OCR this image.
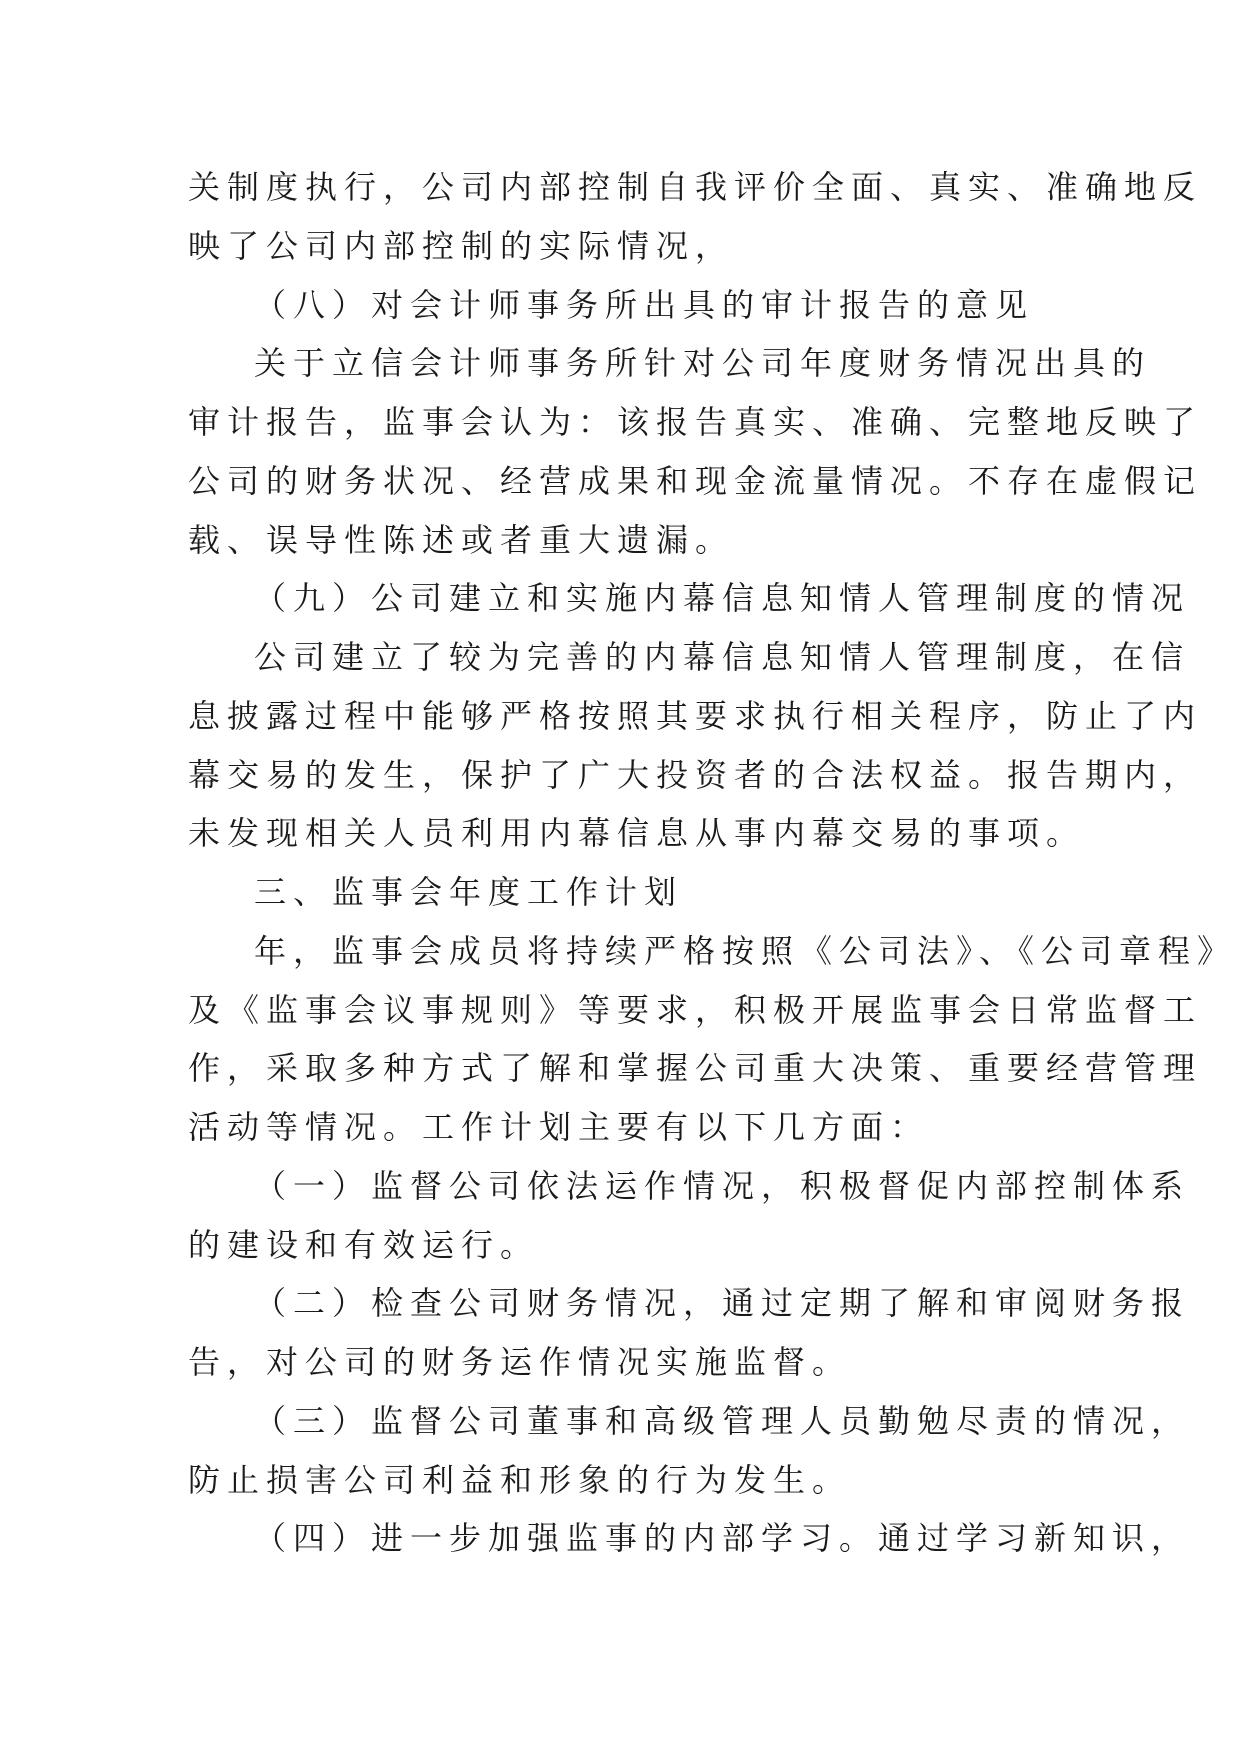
关制度执行，公司内部控制自我评价全面、真实、准确地反
映了公司内部控制的实际情况，
（八）对会计师事务所出具的审计报告的意见
关于立信会计师事务所针对公司年度财务情况出具的
审计报告，监事会认为：该报告真实、准确、完整地反映了
公司的财务状况、经营成果和现金流量情况。不存在虚假记
载、误导性陈述或者重大遗漏。
（九）公司建立和实施内幕信息知情人管理制度的情况
公司建立了较为完善的内幕信息知情人管理制度，在信
息披露过程中能够严格按照其要求执行相关程序，防止了内
幕交易的发生，保护了广大投资者的合法权益。报告期内，
未发现相关人员利用内幕信息从事内幕交易的事项。
三、监事会年度工作计划
年，监事会成员将持续严格按照《公司法》、《公司章程》
及《监事会议事规则》等要求，积极开展监事会日常监督工
作，采取多种方式了解和掌握公司重大决策、重要经营管理
活动等情况。工作计划主要有以下几方面：
（一）监督公司依法运作情况，积极督促内部控制体系
的建设和有效运行。
（二）检查公司财务情况，通过定期了解和审阅财务报
告，对公司的财务运作情况实施监督。
（三）监督公司董事和高级管理人员勤勉尽责的情况，
防止损害公司利益和形象的行为发生。
（四）进一步加强监事的内部学习。通过学习新知识，
